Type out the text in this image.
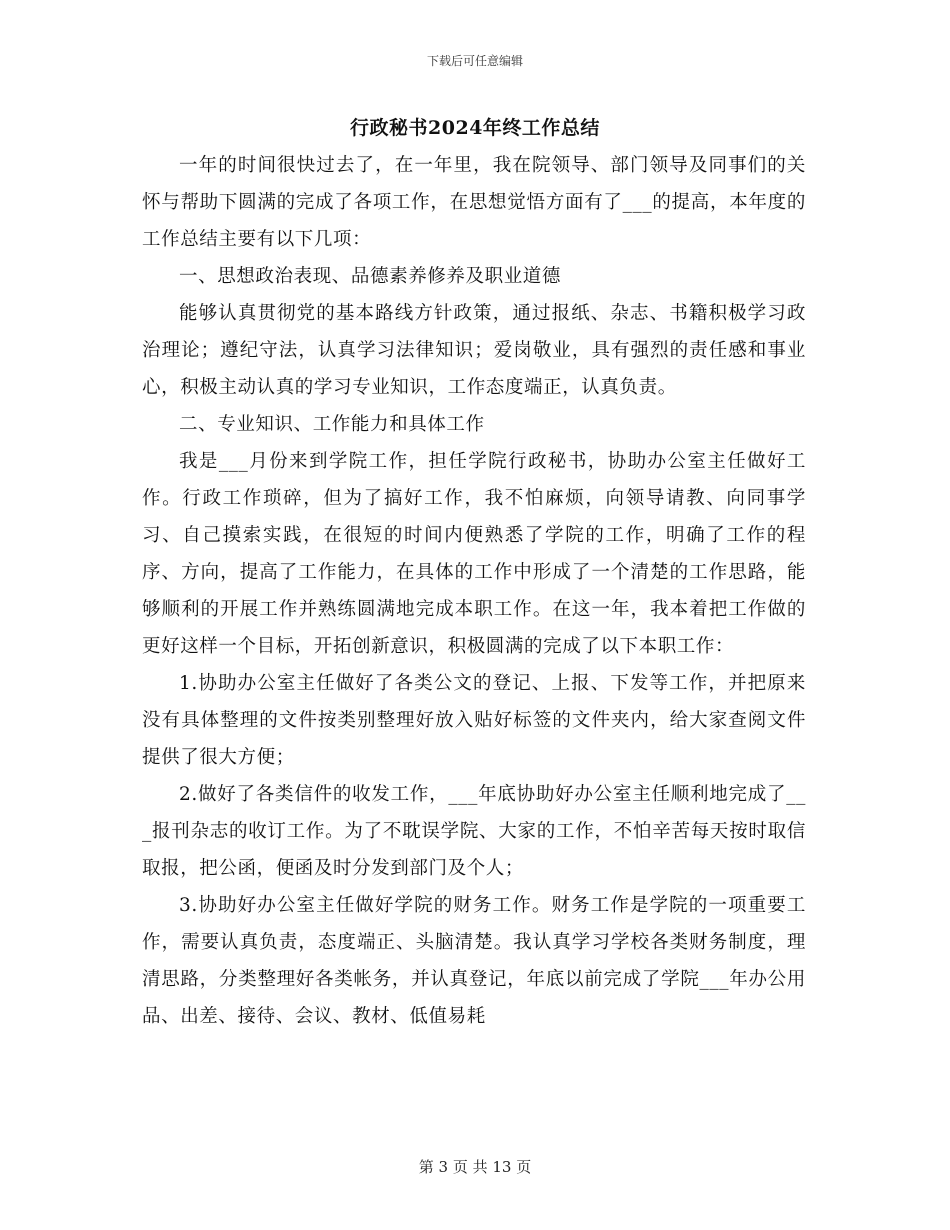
下载后可任意编辑
行政秘书2024年终工作总结

一年的时间很快过去了，在一年里，我在院领导、部门领导及同事们的关怀与帮助下圆满的完成了各项工作，在思想觉悟方面有了___的提高，本年度的工作总结主要有以下几项：

一、思想政治表现、品德素养修养及职业道德

能够认真贯彻党的基本路线方针政策，通过报纸、杂志、书籍积极学习政治理论；遵纪守法，认真学习法律知识；爱岗敬业，具有强烈的责任感和事业心，积极主动认真的学习专业知识，工作态度端正，认真负责。

二、专业知识、工作能力和具体工作

我是___月份来到学院工作，担任学院行政秘书，协助办公室主任做好工作。行政工作琐碎，但为了搞好工作，我不怕麻烦，向领导请教、向同事学习、自己摸索实践，在很短的时间内便熟悉了学院的工作，明确了工作的程序、方向，提高了工作能力，在具体的工作中形成了一个清楚的工作思路，能够顺利的开展工作并熟练圆满地完成本职工作。在这一年，我本着把工作做的更好这样一个目标，开拓创新意识，积极圆满的完成了以下本职工作：

1.协助办公室主任做好了各类公文的登记、上报、下发等工作，并把原来没有具体整理的文件按类别整理好放入贴好标签的文件夹内，给大家查阅文件提供了很大方便；

2.做好了各类信件的收发工作，___年底协助好办公室主任顺利地完成了___报刊杂志的收订工作。为了不耽误学院、大家的工作，不怕辛苦每天按时取信取报，把公函，便函及时分发到部门及个人；

3.协助好办公室主任做好学院的财务工作。财务工作是学院的一项重要工作，需要认真负责，态度端正、头脑清楚。我认真学习学校各类财务制度，理清思路，分类整理好各类帐务，并认真登记，年底以前完成了学院___年办公用品、出差、接待、会议、教材、低值易耗

第 3 页 共 13 页
